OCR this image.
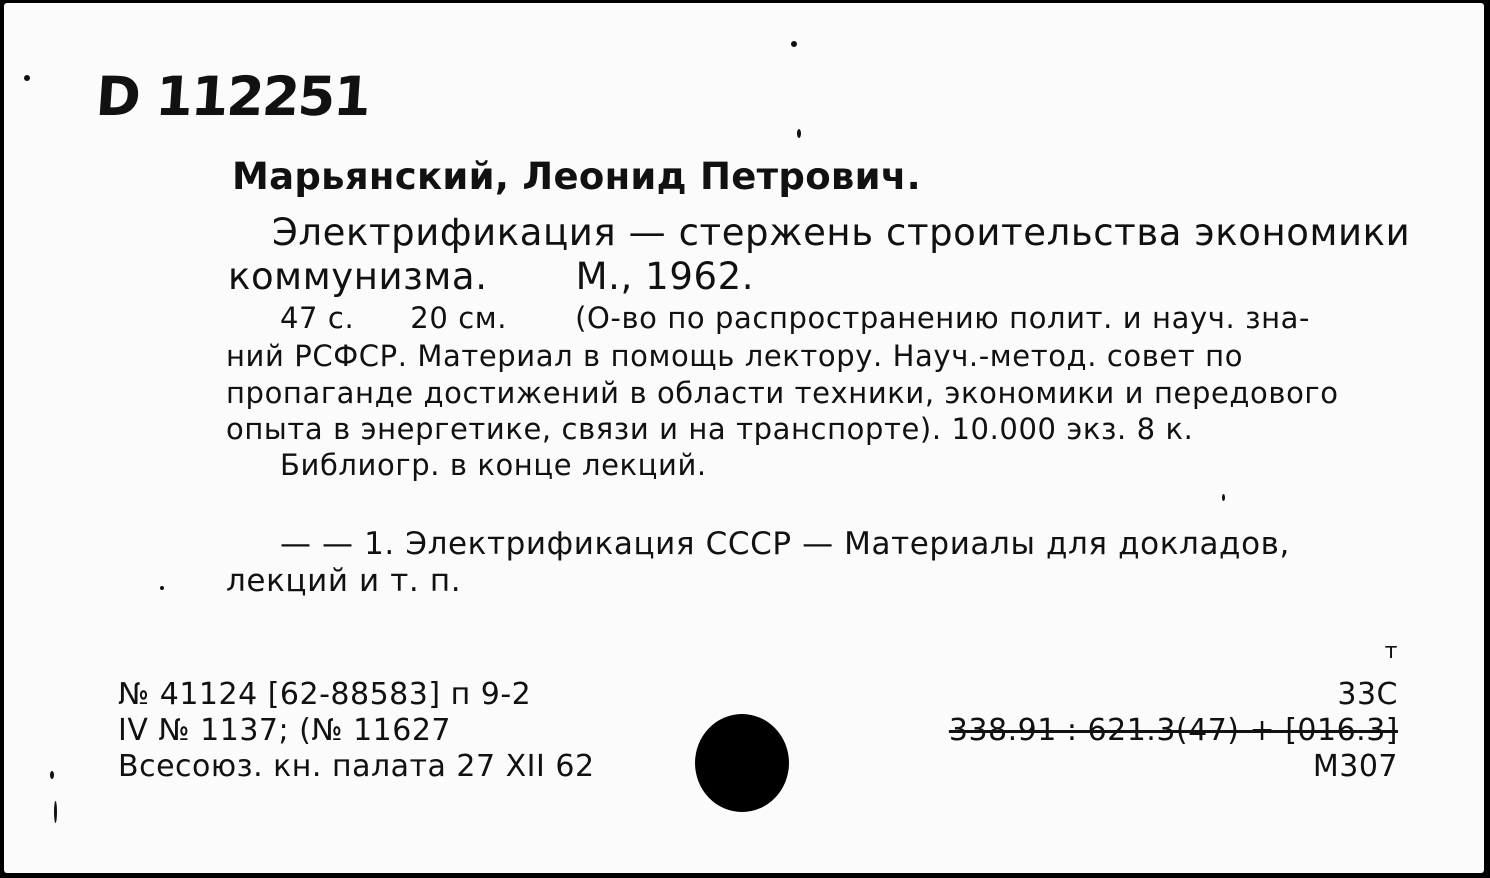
D 112251
Марьянский, Леонид Петрович.
Электрификация — стержень строительства экономики
коммунизма. М., 1962.
47 с. 20 см. (О-во по распространению полит. и науч. зна-
ний РСФСР. Материал в помощь лектору. Науч.-метод. совет по
пропаганде достижений в области техники, экономики и передового
опыта в энергетике, связи и на транспорте). 10.000 экз. 8 к.
Библиогр. в конце лекций.
— — 1. Электрификация СССР — Материалы для докладов,
лекций и т. п.
№ 41124 [62-88583] п 9-2
IV № 1137; (№ 11627
Всесоюз. кн. палата 27 XII 62
т
33С
338.91 : 621.3(47) + [016.3]
М307
